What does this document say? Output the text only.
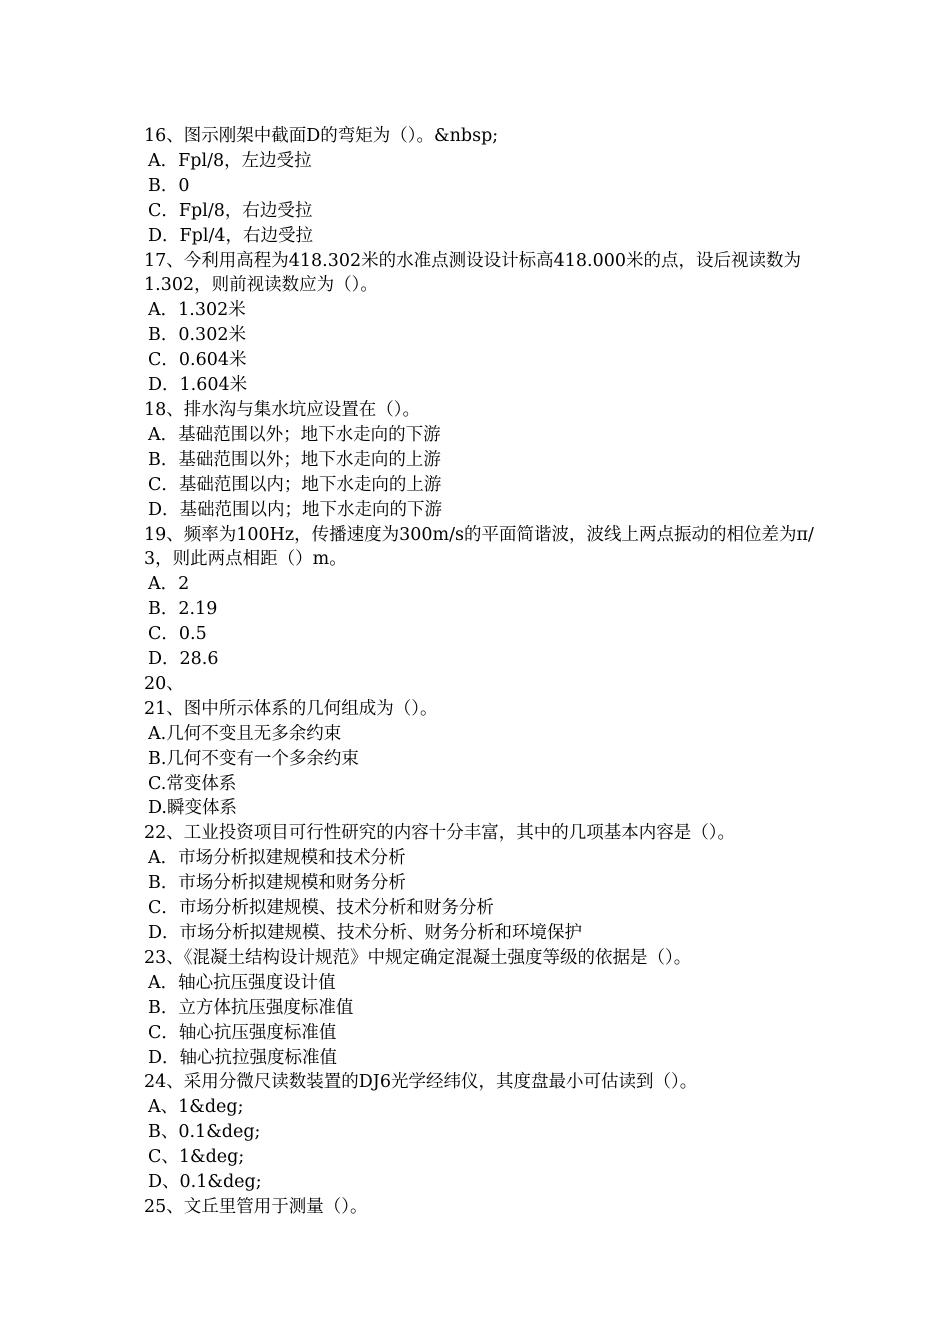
16、图示刚架中截面D的弯矩为（）。&nbsp;

A．Fpl/8，左边受拉

B．0

C．Fpl/8，右边受拉

D．Fpl/4，右边受拉

17、今利用高程为418.302米的水准点测设设计标高418.000米的点，设后视读数为1.302，则前视读数应为（）。

A．1.302米

B．0.302米

C．0.604米

D．1.604米

18、排水沟与集水坑应设置在（）。

A．基础范围以外；地下水走向的下游

B．基础范围以外；地下水走向的上游

C．基础范围以内；地下水走向的上游

D．基础范围以内；地下水走向的下游

19、频率为100Hz，传播速度为300m/s的平面简谐波，波线上两点振动的相位差为π/3，则此两点相距（）m。

A．2

B．2.19

C．0.5

D．28.6

20、

21、图中所示体系的几何组成为（）。

A.几何不变且无多余约束

B.几何不变有一个多余约束

C.常变体系

D.瞬变体系

22、工业投资项目可行性研究的内容十分丰富，其中的几项基本内容是（）。

A．市场分析拟建规模和技术分析

B．市场分析拟建规模和财务分析

C．市场分析拟建规模、技术分析和财务分析

D．市场分析拟建规模、技术分析、财务分析和环境保护

23、《混凝土结构设计规范》中规定确定混凝土强度等级的依据是（）。

A．轴心抗压强度设计值

B．立方体抗压强度标准值

C．轴心抗压强度标准值

D．轴心抗拉强度标准值

24、采用分微尺读数装置的DJ6光学经纬仪，其度盘最小可估读到（）。

A、1&deg;

B、0.1&deg;

C、1&deg;

D、0.1&deg;

25、文丘里管用于测量（）。
